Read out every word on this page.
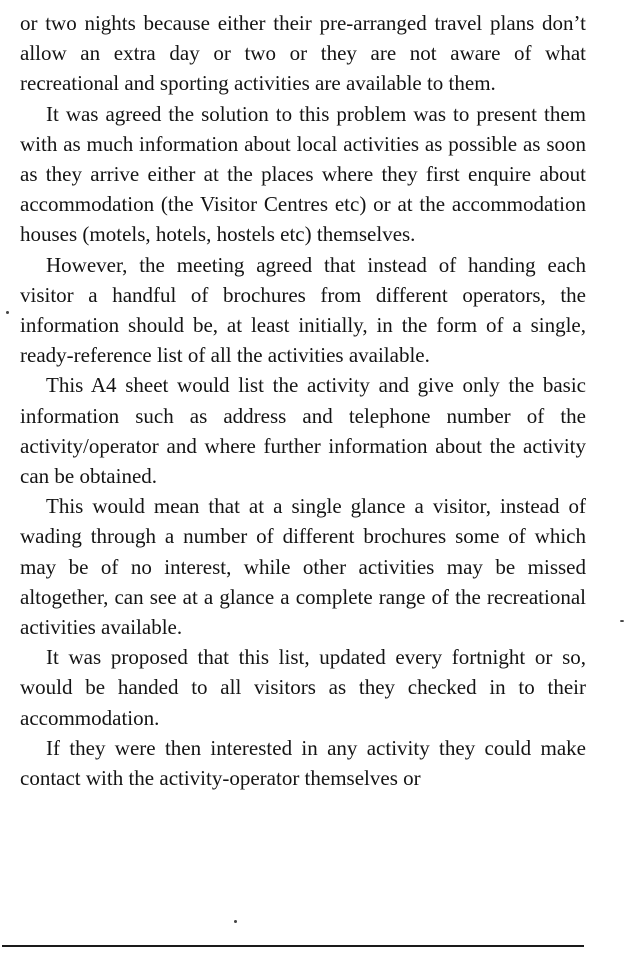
or two nights because either their pre-arranged travel plans don’t allow an extra day or two or they are not aware of what recreational and sporting activities are available to them.

It was agreed the solution to this problem was to present them with as much information about local activities as possible as soon as they arrive either at the places where they first enquire about accommodation (the Visitor Centres etc) or at the accommodation houses (motels, hotels, hostels etc) themselves.

However, the meeting agreed that instead of handing each visitor a handful of brochures from different operators, the information should be, at least initially, in the form of a single, ready-reference list of all the activities available.

This A4 sheet would list the activity and give only the basic information such as address and telephone number of the activity/operator and where further information about the activity can be obtained.

This would mean that at a single glance a visitor, instead of wading through a number of different brochures some of which may be of no interest, while other activities may be missed altogether, can see at a glance a complete range of the recreational activities available.

It was proposed that this list, updated every fortnight or so, would be handed to all visitors as they checked in to their accommodation.

If they were then interested in any activity they could make contact with the activity-operator themselves or
